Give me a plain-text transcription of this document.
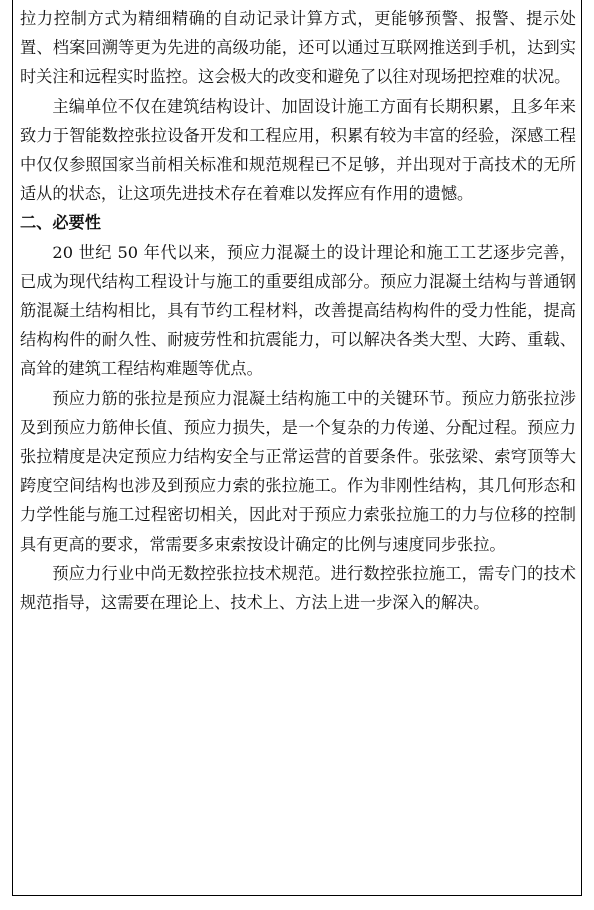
拉力控制方式为精细精确的自动记录计算方式，更能够预警、报警、提示处置、档案回溯等更为先进的高级功能，还可以通过互联网推送到手机，达到实时关注和远程实时监控。这会极大的改变和避免了以往对现场把控难的状况。

主编单位不仅在建筑结构设计、加固设计施工方面有长期积累，且多年来致力于智能数控张拉设备开发和工程应用，积累有较为丰富的经验，深感工程中仅仅参照国家当前相关标准和规范规程已不足够，并出现对于高技术的无所适从的状态，让这项先进技术存在着难以发挥应有作用的遗憾。

二、必要性

20 世纪 50 年代以来，预应力混凝土的设计理论和施工工艺逐步完善，已成为现代结构工程设计与施工的重要组成部分。预应力混凝土结构与普通钢筋混凝土结构相比，具有节约工程材料，改善提高结构构件的受力性能，提高结构构件的耐久性、耐疲劳性和抗震能力，可以解决各类大型、大跨、重载、高耸的建筑工程结构难题等优点。

预应力筋的张拉是预应力混凝土结构施工中的关键环节。预应力筋张拉涉及到预应力筋伸长值、预应力损失，是一个复杂的力传递、分配过程。预应力张拉精度是决定预应力结构安全与正常运营的首要条件。张弦梁、索穹顶等大跨度空间结构也涉及到预应力索的张拉施工。作为非刚性结构，其几何形态和力学性能与施工过程密切相关，因此对于预应力索张拉施工的力与位移的控制具有更高的要求，常需要多束索按设计确定的比例与速度同步张拉。

预应力行业中尚无数控张拉技术规范。进行数控张拉施工，需专门的技术规范指导，这需要在理论上、技术上、方法上进一步深入的解决。
